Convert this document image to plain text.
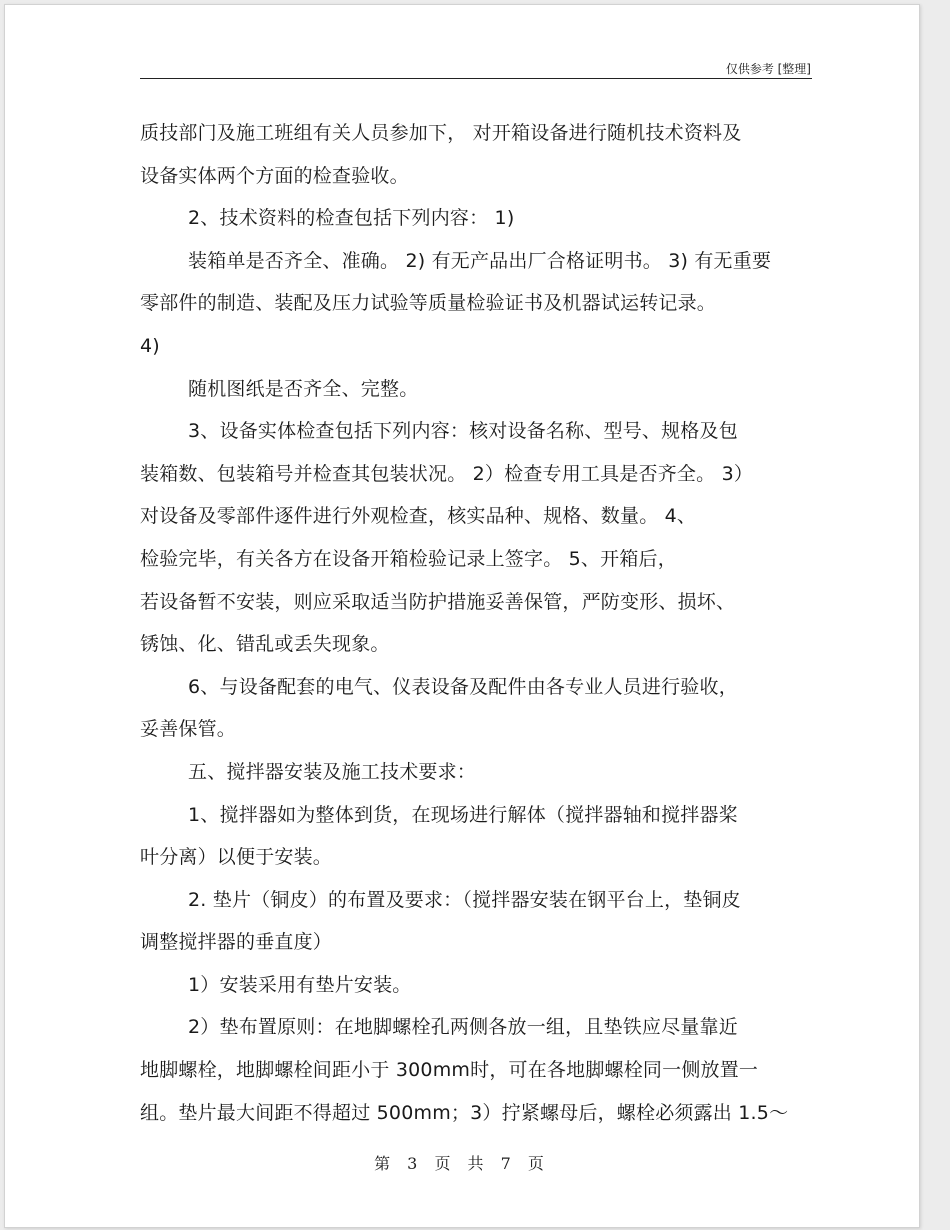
仅供参考 [整理]
质技部门及施工班组有关人员参加下， 对开箱设备进行随机技术资料及
设备实体两个方面的检查验收。
2、技术资料的检查包括下列内容： 1)
装箱单是否齐全、准确。 2) 有无产品出厂合格证明书。 3) 有无重要
零部件的制造、装配及压力试验等质量检验证书及机器试运转记录。
4)
随机图纸是否齐全、完整。
3、设备实体检查包括下列内容：核对设备名称、型号、规格及包
装箱数、包装箱号并检查其包装状况。 2）检查专用工具是否齐全。 3）
对设备及零部件逐件进行外观检查，核实品种、规格、数量。 4、
检验完毕，有关各方在设备开箱检验记录上签字。 5、开箱后，
若设备暂不安装，则应采取适当防护措施妥善保管，严防变形、损坏、
锈蚀、化、错乱或丢失现象。
6、与设备配套的电气、仪表设备及配件由各专业人员进行验收，
妥善保管。
五、搅拌器安装及施工技术要求：
1、搅拌器如为整体到货，在现场进行解体（搅拌器轴和搅拌器桨
叶分离）以便于安装。
2. 垫片（铜皮）的布置及要求：（搅拌器安装在钢平台上，垫铜皮
调整搅拌器的垂直度）
1）安装采用有垫片安装。
2）垫布置原则：在地脚螺栓孔两侧各放一组，且垫铁应尽量靠近
地脚螺栓，地脚螺栓间距小于 300mm时，可在各地脚螺栓同一侧放置一
组。垫片最大间距不得超过 500mm；3）拧紧螺母后，螺栓必须露出 1.5～
第 3 页 共 7 页
